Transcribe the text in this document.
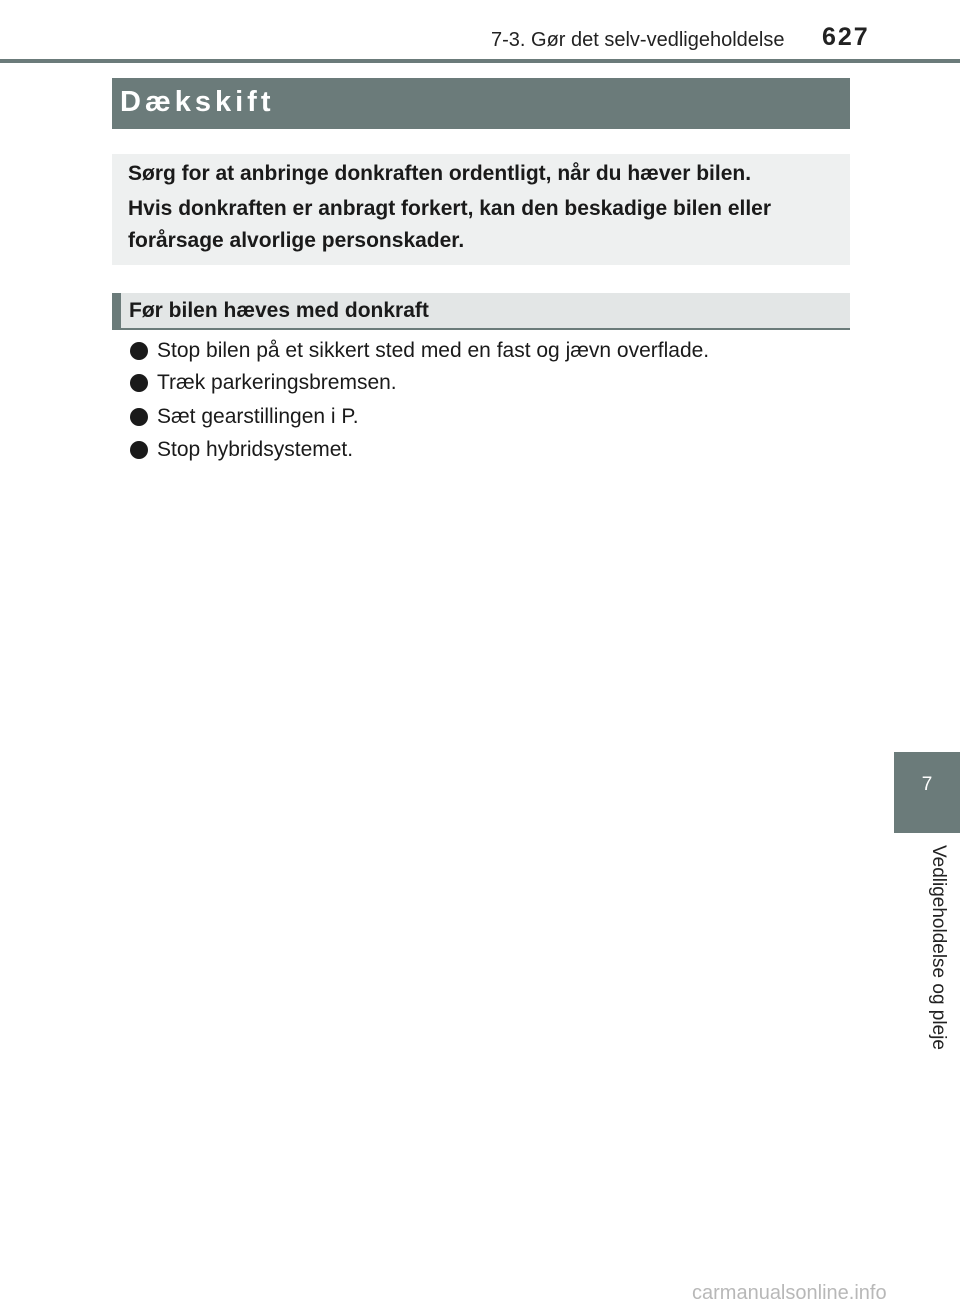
7-3. Gør det selv-vedligeholdelse 627
Dækskift
Sørg for at anbringe donkraften ordentligt, når du hæver bilen.
Hvis donkraften er anbragt forkert, kan den beskadige bilen eller
forårsage alvorlige personskader.
Før bilen hæves med donkraft
Stop bilen på et sikkert sted med en fast og jævn overflade.
Træk parkeringsbremsen.
Sæt gearstillingen i P.
Stop hybridsystemet.
7
Vedligeholdelse og pleje
carmanualsonline.info
